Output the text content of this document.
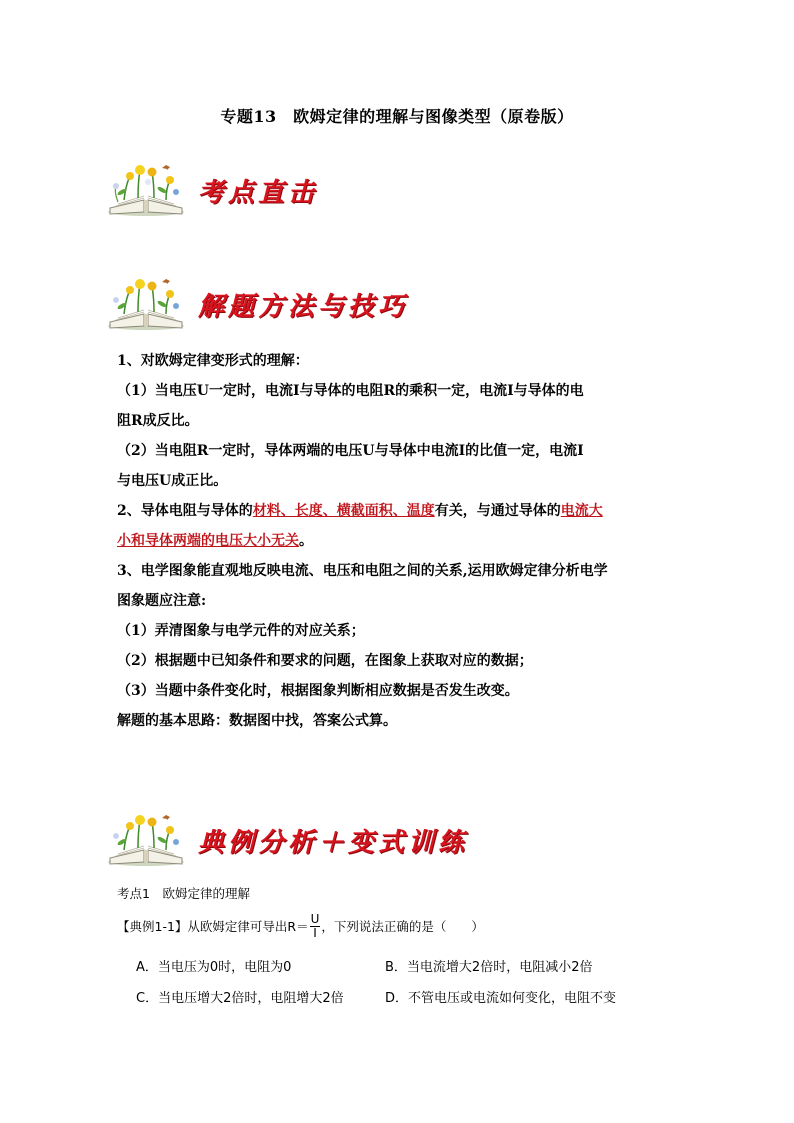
专题13　欧姆定律的理解与图像类型（原卷版）
考点直击
解题方法与技巧
1、对欧姆定律变形式的理解：
（1）当电压U一定时，电流I与导体的电阻R的乘积一定，电流I与导体的电
阻R成反比。
（2）当电阻R一定时，导体两端的电压U与导体中电流I的比值一定，电流I
与电压U成正比。
2、导体电阻与导体的材料、长度、横截面积、温度有关，与通过导体的电流大
小和导体两端的电压大小无关。
3、电学图象能直观地反映电流、电压和电阻之间的关系,运用欧姆定律分析电学
图象题应注意:
（1）弄清图象与电学元件的对应关系；
（2）根据题中已知条件和要求的问题，在图象上获取对应的数据；
（3）当题中条件变化时，根据图象判断相应数据是否发生改变。
解题的基本思路：数据图中找，答案公式算。
典例分析＋变式训练
考点1　欧姆定律的理解
【典例1-1】 从欧姆定律可导出$R= \frac{U}{I}$ ，下列说法正确的是（　　）
A．当电压为0时，电阻为0	B．当电流增大2倍时，电阻减小2倍
C．当电压增大2倍时，电阻增大2倍	D．不管电压或电流如何变化，电阻不变
